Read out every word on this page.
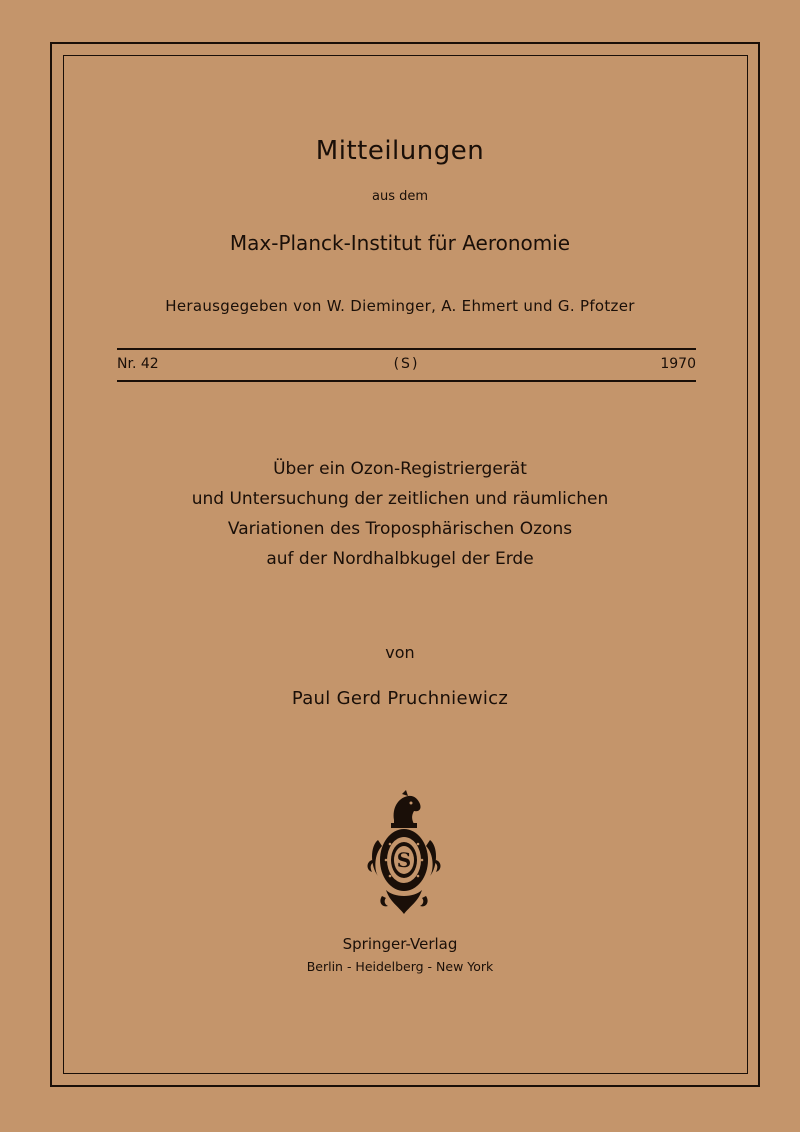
Mitteilungen
aus dem
Max-Planck-Institut für Aeronomie
Herausgegeben von W. Dieminger, A. Ehmert und G. Pfotzer
Nr. 42	(S)	1970
Über ein Ozon-Registriergerät
und Untersuchung der zeitlichen und räumlichen
Variationen des Troposphärischen Ozons
auf der Nordhalbkugel der Erde
von
Paul Gerd Pruchniewicz
S
Springer-Verlag
Berlin - Heidelberg - New York
